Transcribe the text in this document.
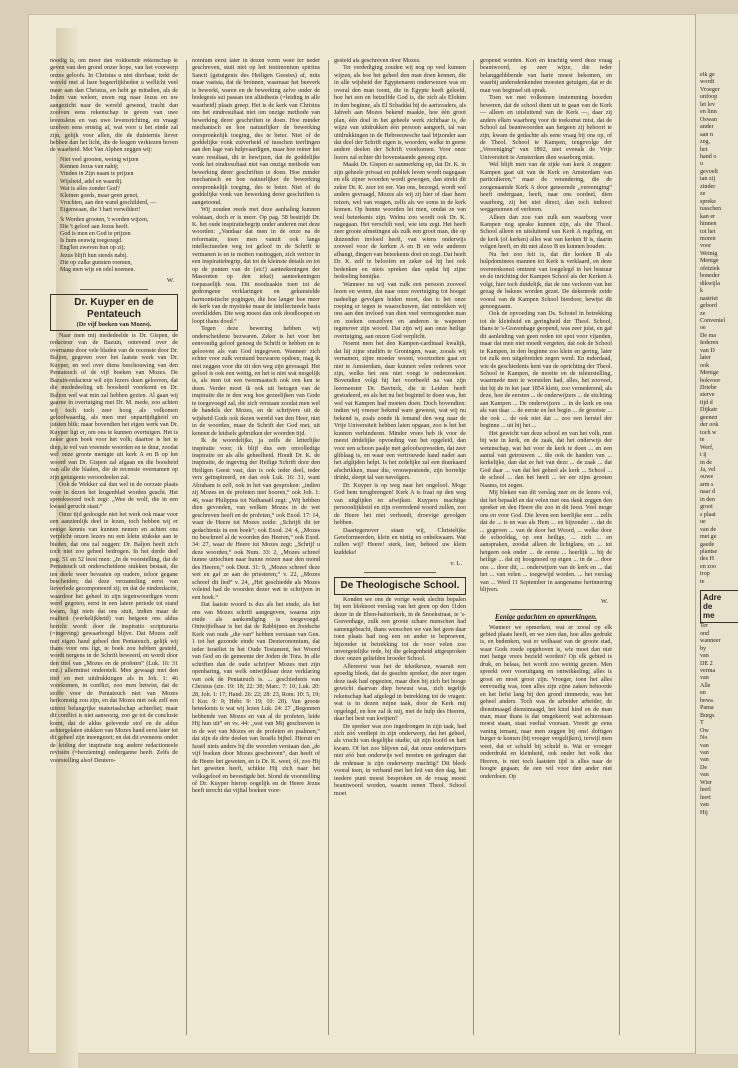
noodig is, om meer dan voldoende rekenschap te geven van den grond onzer hope, van het voorwerp onzes geloofs. In Christus u niet dierbaar, trekt de wereld met al hare begeerlijkheden u wellicht veel meer aan dan Christus, en hebt ge mitsdien, als de Joden van weleer, uwen rug naar Jezus en uw aangezicht naar de wereld gewend, tracht dan zoolven eens rekenschap te geven van uwe levensleus en van uwe levensrichting, en vraagt uzelven eens ernstig af, wat voor u het einde zal zijn, gelijk voor allen, die de duisternis liever hebben dan het licht, die de leugen verkiezen boven de waarheid. Met Van Alphen zeggen wij:

Niet veel grooten, weinig wijzen
Kennen Jezus van nabij;
Vinden in Zijn naam te prijzen
Wijsheid, adel en waardij.
Wat is alles zonder God?
Kleinen goeds, maar geen genot,
Vruchten, aan den wand geschilderd, —
Eigenwaan, die 't hart verwildert!
'k Worden grooten, 't worden wijzen,
Die 't geloof aan Jezus heeft.
God is men en God te prijzen
Is hum eeuwig toegezegd.
Eng'len zweven hun op zij;
Jezus blijft hun steeds nabij.
Die op zulke gunsten roemen,
Mag men wijs en edel noemen.
W.
Dr. Kuyper en de Pentateuch
(De vijf boeken van Mozes).

Naar men mij mededeelde is Dr. Gispen, de redacteur van de Bazuin, ontevend over de overname door vele bladen van de recensie door Dr. Baljon, gegeven over het laatste werk van Dr. Kuyper, en wel over diens beschouwing van den Pentateuch of de vijf boeken van Mozes. De Bazuin-redacteur wil zijn lezers doen gelooven, dat die mededeeling uit boosheid voorkomt en Dr. Baljon wel wat min zal hebben gezien. Al gaan wij gaarne in overtuiging met Dr. M. mede, zoo achten wij toch toch zeer hoog als volkomen geloofwaardig, als men met onpartijdigheid en juisten blik; maar bovendien het eigen werk van Dr. Kuyper ligt er, om ons te kunnen overtuigen. Het is zeker geen boek voor het volk; daartoe is het te diep, te vol van vreemde woorden en te duur, zoodat wel onze groote menigte uit kerk A en B op het woord van Dr. Gispen zal afgaan en die boosheid van alle die bladen, die de recensie overnamen op zijn getuigenis veroordeelen zal.

Ook de Wekker zal dan wel in de oorzate plaats voor in dezen het leugenblad worden geacht. Het spreekwoord toch zegt: „Wee de wolf, die in een kwaad gerucht staat.“

Onze tijd gedoogde niet het werk ook maar voor een aanzienlijk deel te lezen, toch hebben wij er eenige kennis van kunnen nemen en achten ons verplicht onzen lezers nu een klein stukske aan te bieden, dat ons zal zeggen: Dr. Baljon heeft zich toch niet zoo geheel bedrogen. In het derde deel pag. 51 en 52 leest men: „In de voorstelling, dat de Pentateuch uit onderscheidene stukken bestaat, die ten deele weer bevasten op oudere, teloor gegane bescheiden; dat deze verzameling eerst van lieverlede gecomponeerd zij; en dat de eindredactie, waardoor het geheel in zijn tegenwoordigen vorm werd gegoten, eerst in een latere periode tot stand kwam, ligt niets dat ons stuit, indien maar de realiteit (werkelijkheid) van hetgeen ons aldus bericht wordt door de inspiratio scripturaria (=ingeving) gewaarborgd blijve. Dat Mozes zelf met eigen hand geheel den Pentateuch, gelijk wij thans voor ons ligt, te boek zou hebben gesteld, wordt nergens in de Schrift beweerd, en wordt door den titel van „Mozes en de profeten“ (Luk. 16: 31 enz.) allerminst onderstelt. Men gewaagt met den titel en met uitdrukkingen als in Joh. 1: 46 voorkomen, in conflict, zoo men betwist, dat de stoffe voor de Pentateuch niet van Mozes herkomstig zou zijn, en dat Mozes niet ook zelf een uiterst belangrijke materiaalschap achterliet; maar dit conflict is niet aanwezig, zoo ge tot de conclusie komt, dat de aldus geleverde stof en de aldus achtergelaten stukken van Mozes hand eerst later tot dit geheel zijn ineengezet; en dat dit eveneens onder de leiding der inspiratie nog andere redactioneele revisiën (=herziening) onderganne heeft. Zelfs de voorstelling alsof Deutero-

nomium eerst later in dezen vorm ware ter neder geschreven, stuit niet op het testimonium spiritus Sancti (getuigenis des Heiligen Geestes) af, mits maar vaststa, dat de bronnen, waarnaar het beeverk is bewerkt, waren en de bewerking zelve onder de hodegesis sui passan ten aliisthesis (=leiding in alle waarheid) plaats greep. Het is de kerk van Christus om het eindresultaat niet om onzige methode van bewerking derer geschriften te doen. Hoe minder mechanisch en hoe natuurlijker de bewerking oorspronkelijk toeging, des te beter. Niet of de goddelijke vonk zuiverheid of tusschen teerlingen aan den lage van hulpvaardigen, maar hoe reiner het ware resultaat, dit te bewijzen, dat de goddelijke vonk het eindresultaat niet van onzige methode van bewerking derer geschriften te doen. Hoe minder mechanisch en hoe natuurlijker de bewerking oorspronkelijk toeging, des te beter. Niet of de goddelijke vonk van bewerking derer geschriften is aangetoond.

Wij zouden reeds met deze aanhaling kunnen volstaan, doch er is meer. Op pag. 58 bestrijdt Dr. K. het oude inspiratiebegrip onder anderen met deze woorden: „Vandaar dat men in de onze na de reformatie, toen men vanuit ook langs intellectueelen weg tot geloof in de Schrift te vermanen is en te motten vasttoggen, zich veriror in een inspiratiebegrip, dat tot de kleinste details en tot op de punten van de (sic!) aanteekeningen der Masoreten op den tekst) aanteekeningen toepasselijk was. Dit noodzaakte toen tot de gedrongene verklaringen en gekunstelde harmonistische pogingen, die hoe langer hoe meer de kerk van de mystieke maar de intellectueele basis overklidden. Die weg moest dan ook doodloopen en loopt thans dood.“

Tegen deze bewering hebben wij onderscheidene bezwaren. Zeker is het voor het eenvoudig geloof genoeg de Schrift te hebben en te gelooven als van God ingegeven. Wanneer zich echter voor zulk verstand bezwaren opdoen, mag ik niet zeggen voor die zit den weg zijn gevraagd. Het geloof is ook een wettig, en het is niet wat mogelijk is, als men tot een tweemaatsch ook een ken te doen. Verder moet ik ook uit betogen van de inspiratie die te den weg hoe gezeelijken van Gode te toegevoegd zal, die zich verstaan zoodat men wel de handels der Mozes, en de schrijvers uit de wijsheid Gods ook dezen wereld van den Heer, niet in de woorden, maar de Schrift der God met, uit kennen de leidsels gebruiken der woorden tijd.

Ik de woordelijke, ja zelfs de letterlijke inspiratie voor, ik blijf dus een onvolledige inspiratie en als alle geheelheid. Houdt Dr. K. de inspiratie, de ingeving der Heilige Schrift door den Heiligen Geest vast, dan is ook ieder deel, ieder vers geïnspireerd, en dan ook Luk. 16: 31, want Abraham is zelf, ook in het van gesproken: „indien zij Mozes en de profeten niet hooren,“ ook Joh. 1: 46, waar Philippus tot Nathanaël zegt: „Wij hebben dien gevonden, van welken Mozes in de wet geschreven heeft en de profeten,“ ook Exod. 17: 14, waar de Heere tot Mozes zeide: „Schrijft dit ter gedachtenis in een boek“; ook Exod. 24: 4, „Mozes nu beschreef al de woorden des Heeren,“ ook Exod. 34: 27, waar de Heere tot Mozes zegt: „Schrijf u deze woorden,“ ook Num. 33: 2, „Mozes schreef hunne uittochten naar hunne reizen naar den mond des Heeren,“ ook Deut. 31: 9, „Mozes schreef deze wet en gaf ze aan de priesteren,“ v. 22, „Mozes schreef dit lied“ v. 24, „Het geschiedde als Mozes voleind had de woorden dezer wet te schrijven in een boek.“

Dat laatste woord is dus als het einde, als het ons van Mozes schrift aangegeven, waarna zijn einde als aankondiging is toegevoegd. Ontwijfelbaar is het dat de Rabbijnen en Joodsche Kerk van ouds „die van“ hebben verstaan van Gen. 1 tot het gezonde einde van Deuteronomium, dat ieder Israëliet in het Oude Testament, het Woord van God en de gemeente der Joden de Tora. In alle schriften dan de oude schrijver Mozes met zijn openbaring, van welk ontwijkbaar deze verklaring van ook de Pentateuch is. ... geschiedenis van Christus (zie. 19: 18; 22: 38; Marc. 7: 10; Luk. 20: 28, Joh. 1: 17; Hand. 26: 22; 28: 23, Rom. 10: 5, 19; I Kor. 9: 9; Hebr. 9: 19; 10: 28). Van groote beteekenis is wat wij lezen Luk. 24: 27 „Begonnen hebbende van Mozes en van al de profeten, leide Hij hun uit“ en vs. 44: „wat van Mij geschreven is in de wet van Mozes en de profeten en psalmen,“ dat zijn de drie deelen van Israëls bijbel. Hieruit en Israël niets anders bij die woorden verstaan dan „de vijf boeken door Mozes geschreven“, dan heeft of de Heere het geweten, en is Dr. K. weet, óf, zoo Hij het geweten heeft, schikte Hij zich naar het volksgeloof en bevestigde het. Stond de voorstelling of Dr. Kuyper hierop oogelijk en de Heere Jezus heeft terecht dat vijftal boeken voor-

gesteld als geschreven door Mozes.

Ter verdediging zouden wij nog op veel kunnen wijzen, als hoe het geheel den man doen kennen, die in alle wijsheid der Egyptenaren onderwezen was en overal den man toont, die in Egypte heeft geleefd, hoe het een en hetzelfde God is, die zich als Elohim in den beginne, als El Schaddai bij de aartsvaders, als Jahveh aan Mozes bekend maakte, hoe één groot plan, één doel in het geheele werk zichtbaar is, de wijze van uitdrukken één persoon aangeeft, tal van uitdrukkingen in de Hebreeuwsche taal bijzonder aan dat deel der Schrift eigen is, woorden, welke in geene andere deelen der Schrift voorkomen. Voor onze lezers zal echter dit bovenstaande genoeg zijn.

Maakt Dr. Gispen er aanmerking op, dat Dr. K. in zijn geheele privaat en publiek leven wordt nagegaan en elk zijner woorden wordt gewogen, dan strekt dit zeker Dr. K. zeer tot eer. Van ons, bezorgd, wordt wel anders gevraagd, Mozes als wij zij hier of daar heen reizen, wel van vragen, zelfs als we soms in de kerk komen. Op hunne woorden let men, omdat ze van veel beteekenis zijn. Welnu zoo wordt ook Dr. K. nagegaan. Het verschilt veel, wie iets zegt. Het heeft zeer groote afmetingen als zulk een groot man, die op duizenden invloed heeft, van wiens onderwijs zooveel voor de kerken A en B en vele anderen afhangt, dingen van beteekenis doet en zegt. Dat heeft Dr. K. zelf te beloofen en zeker zal hij het ook bedenken en niets spreken dan opdat hij zijne bedoeling bemijke.

Wanneer nu wij van zulk een persoon zooveel lezen en weten, dat naar onze overtuiging tot hoogst nadeelige gevolgen leiden moet, dan is het onze roeping er tegen te waarschuwen, dat ontrekken wij ons aan den invloed van dien veel vermogenden man en zoeken onszelven en anderen te wapenen tegenover zijn woord. Dat zijn wij aan onze heilige overtuiging, aan onzen God verplicht.

Noemt men het den Kampen-cardinaal kwalijk, dat hij zijne studiën te Groningen, waar, zooals wij vernamen, zijne moeder woont, voortzetten gaat en niet te Amsterdam, daar kunnen velen rederen voor zijn, welke het ons niet voegt te onderzoeken. Bovendien volgt hij het voorbeeld na van zijn leermeester Dr. Bavinck, die te Leiden heeft gestudeerd, en als het nu het begintel te doen was, het wel vat Kampen had moeten doen. Doch bovendien: indien wij vreeser bekend ware geweest, wat wij nu bekend is, zoals zonde ik iemand den weg naar de Vrije Universiteit hebben laten opgaan, zoo is het het kunnen verhinderen. Minder vrees heb ik voor de meest dridelijke opvoeding van het opgeleid, dan voor een schoon paalje met geloofsopvoeden, dat zeer gliblaag is, en waar een vertrouwde hand nader aan het afglijden helpt. Is het zedelijke zal een drankaard afschrikken, maar die, vrouwpratende, zijn borreltje drinkt, sleept tal van navolgers.

Dr. Kuyper is op weg naar het ongeloof. Moge God hem terugbrengen! Kerk A is fraai op den weg van uitglijden en afwijken. Kuypers machtige persoonlijkheid en zijn overredend woord zullen, zoo de Heere het niet verhoedt, droevige gevolgen hebben.

Daartegenover staan wij, Christelijke Gereformeerden, klein en nietig en onbekwaam. Wat zullen wij? Heere! sterk, leer, behoed uw klein kuddeke!

v. L.
De Theologische School.

Konden we ons de vorige week slechts bepalen bij een bloknoot verslag van het geen op den 11den dezer in de Eben-haëzerkerk, in de Snoekstraat, te 's-Gravenhage, zulk een groote schare menschen had samengebracht, thans wenschen we van het geen daar toen plaats had nog een en ander te beproeven, bijzonder in betrekking tot de voor velen zoo onvergetelijke rede, bij die gelegenheid uitgesproken door onzen geliefden broeder School.

Allereerst was het de tekstkeuze, waaruit een spoedig bleek, dat de geachte spreker, die zeer tegen deze taak had opgezien, maar dien bij zich het hooge gewicht daarvan diep bewust was, zich tegelijk rekenschap had afgelegd in betrekking tot de vragen: wat is in dezen mijne taak, door de Kerk mij opgelegd, en hoe zal ik mij, met de hulp des Heeren, daar het best van kwijten?

De spreker was zoo ingedrongen in zijn taak, had zich zóó verdiept in zijn onderwerp, dat het geheel, als vrucht van degelijke studie, uit zijn hoofd en hart kwam. Of het zoo blijven zal, dat onze onderwijzers niet zóó hun onderwijs wel moeten en gedragen dat de redenaar is zijn onderwerp machtig? Dit bleek vooral toen, in verband met het feit van den dag, het teedere punt moest besproken en de vraag moest beantwoord worden, waarin eenen Theol. School moet

geopend worden. Kort en krachtig werd deze vraag beantwoord, op zeer wijze, die ieder belanggehbbende van harte moest bekomen, en waarbij andersdenkenden moesten getuigen, dat er de man van beginsel uit sprak.

Toen we met volkomen instemming hoorden beweren, dat de school dient uit te gaan van de Kerk — alleen en uitsluitend van de Kerk —, daar zij anders elken waarborg voor de toekomst mist, dat de School zal beantwoorden aan hetgeen zij behoort te zijn, kwam de gedachte als eene vraag bij ons op, of de Theol. School te Kampen, tengevolge der „Vereeniging“ van 1892, niet evenals de Vrije Universiteit te Amsterdam dien waarborg mist.

Wel blijft men van de zijde van kerk A zeggen: Kampen gaat uit van de Kerk en Amsterdam van particulieren,“ maar de verandering, die de zoogenaamde Kerk A door genoemde „vereeniging“ heeft ondergaan, heeft, naar ons oordeel, dien waarborg, zij het niet direct, dan toch indirect weggenomen of verloren.

Alleen dan zou van zulk een waarborg voor Kampen nog sprake kunnen zijn, als die Theol. School alleen en uitsluitend van Kerk A regeling, en de kerk (of kerken) alles wat van kerken B is, daarin volgen heeft, en dit niet alzoo B en kunnen houden.

Nu het zoo feit is, dat die kerken B als hulpdominees mannen tot Kerk is verklaard, en deze overeenkomst omtrent van toegelegd in het bestuur en de inrichting der Kampen School als der Kerken A volgt, hier toch duidelijk, dat de ons verloren van het gezag de bakens worden gezet. De dekenrede zeide vooral van de Kampen School hierdoor, bewijst dit genoegzaam.

Ook de opvoeding van Ds. Schotel in betrekking tot de kleinheid en geringheid der Theol. School, thans te 's-Gravenhage geopend, was zeer juist, en gaf dit aanleiding van geen reden tot spot voor vijanden, maar dat men niet moedt vergeten, dat ook de School te Kampen, in den beginne zoo klein en gering, later tot zulk een uitgebreiden zegen werd. En inderdaad, wie de geschiedenis kent van de oprichting der Theol. School te Kampen, de moeite en de teleurstelling, waarmede men te worstelen had, alles, het zooveel, dat bij de in het jaar 1854 klein, zoo vernederend, als deze, hoe de eersten ... de onderwijzers ... de stichting aan Kampen ... De onderwijzers ... in de kerk en ons als van daar ... de eerste en het begin ... de grootste ... die ook ... de ook niet dat ... zoo een herstel der beginne ... uit bij het ...

Het gewicht van deze school en van het volk, met bij wie in kerk, en de zaak, dat het onderwijs der wetenschap, wat het voor de kerk te doen ... en een aantal van getrouwen ... die ook de handen van ... kerkelijke, dan dat ze het van deze ... de zaak ... dat God daar ... van dat het geheel als kerk ... School ... de school ... dan het heeft ... ter eer zijns grooten Naams, tot zegen.

Mij bleken van dit verslag zeer en de lezers vol, dat het bepaald en dat velen met ons dank zeggen den spreker en den Heere die zoo in dit feest. Veel moge ons en voor God. Die leven een heerlijke een ... zelfs dat de ... is en was als Hem ... en bijzonder ... dat de ... gegeven ... van de door het Woord, ... welke door de schooldag, op een heilige, ... zich ... en aanspraken, zoodat alleen de lichtglans, en ... tot hetgeen ook onder ... de eerste ... heerlijk ... bij de heilige ... dat zij hoogmoed op eigen ... in de ... door ons ... door dit, ... onderwijzen van de kerk en ... dat het ... van velen ... toegewijd worden. ... het verslag van ... Werd 11 September in aangename herinnering blijven.

W.
Eenige gedachten en opmerkingen.

Wanneer we opmerken, wat er zooal op elk gebied plaats heeft, en we zien dan, hoe alles gedrukt is, en bedenken, wat er welhaast van de groote stad, waar Gods roede opgehoven is, wie moet dan niet met hange vrees bezield worden? Op elk gebied is druk, en helaas, het wordt zoo weinig gezien. Men spreekt over vooruitgang en ontwikkeling; alles is groot en moet groot zijn. Vroeger, toen het alles eenvoudig was, toen alles zijn zijne zaken behoorde en het liefst lang bij den grond timmerde, was het geheel anders. Toch was de arbeider arbeider, de dienstmaagd dienstmaagd, het kind kind en de man man, maar thans is dat omgekeerd; wat achterstaan moest staan, staat veeltal vooraan. Vreeët ge eens vaning iemant, naar men zeggen bij ons! doftigen burger te komen (bij vroeger vergelijken), terwijl men weet, dat er schuld bij schuld is. Wat er vroeger onderdrukt en kleinheid, ook onder het volk des Heeren, is niet toch laatsten tijd is alles naar de hoogte gegaan; de een wil voor den ander niet onderdoen. Op

elk ge
wordt
Vroeger
onfoop
let lev
en linn
Oswan
ander
aan n
zeg,
het
hand o
u
gevoelt
tan zij
zinder
ze
spreke
tusschen
kan er
hinnen
tot het
moren
voor
Weinig
Menige
ofeiziek
boneder
dikwijla
k
nastriet
gebord
ze
Conveniel
oe
De ma
Iederen
van D
later
ook
Menige
bokvoor
Driebe
sterve
tijd d
Dijkatr
geenen
der ook
toch w
te
Werf,
t ij
in de
Ja, vel
ouwe
arm s
naar d
in den
groot
s plaat
ue
van de
met ge
gaede
plantse
des H
en zoo
trop
te
Adre
de
me
Ter
ond
wanneer
by
van
DE 2
verma
van
Alle
en
bewa
Pama
Burgs
T
Ow
No
van
van
van
De
van
Wier
leerl
leert
van
Hij
